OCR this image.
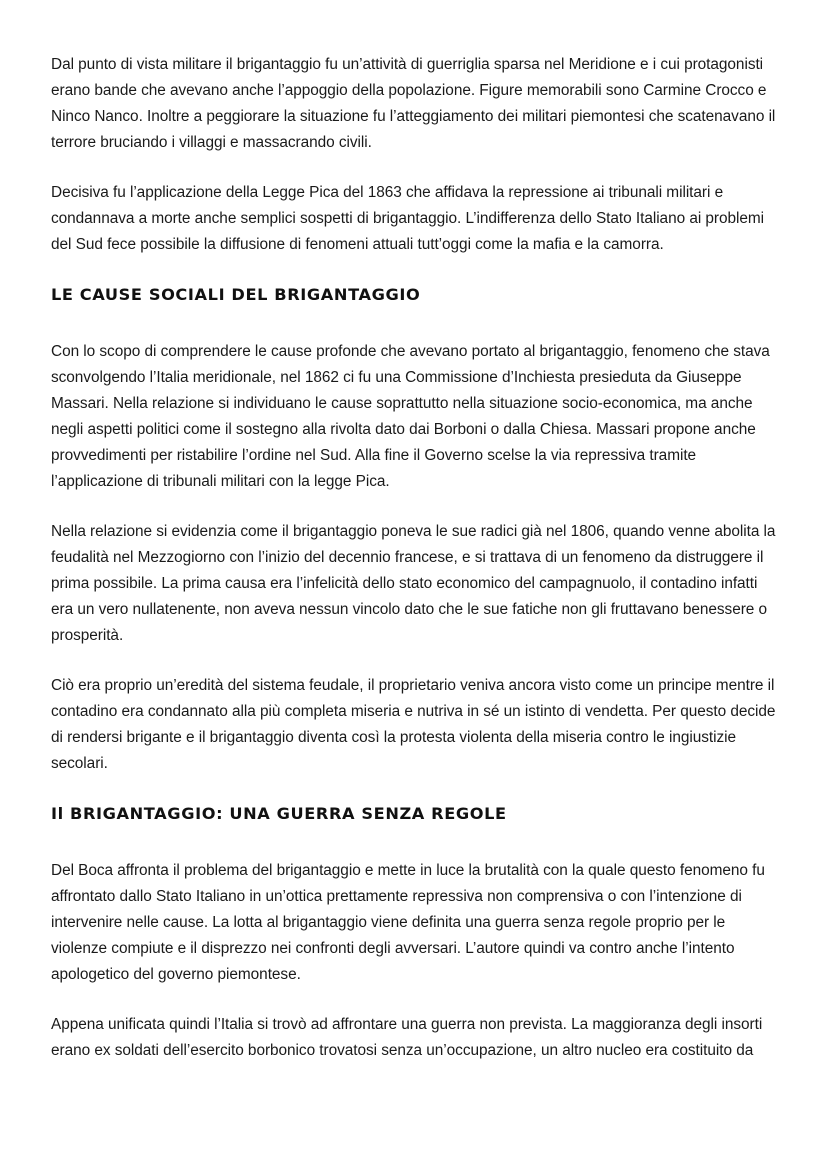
Dal punto di vista militare il brigantaggio fu un’attività di guerriglia sparsa nel Meridione e i cui protagonisti erano bande che avevano anche l’appoggio della popolazione. Figure memorabili sono Carmine Crocco e Ninco Nanco. Inoltre a peggiorare la situazione fu l’atteggiamento dei militari piemontesi che scatenavano il terrore bruciando i villaggi e massacrando civili.

Decisiva fu l’applicazione della Legge Pica del 1863 che affidava la repressione ai tribunali militari e condannava a morte anche semplici sospetti di brigantaggio. L’indifferenza dello Stato Italiano ai problemi del Sud fece possibile la diffusione di fenomeni attuali tutt’oggi come la mafia e la camorra.

LE CAUSE SOCIALI DEL BRIGANTAGGIO

Con lo scopo di comprendere le cause profonde che avevano portato al brigantaggio, fenomeno che stava sconvolgendo l’Italia meridionale, nel 1862 ci fu una Commissione d’Inchiesta presieduta da Giuseppe Massari. Nella relazione si individuano le cause soprattutto nella situazione socio-economica, ma anche negli aspetti politici come il sostegno alla rivolta dato dai Borboni o dalla Chiesa. Massari propone anche provvedimenti per ristabilire l’ordine nel Sud. Alla fine il Governo scelse la via repressiva tramite l’applicazione di tribunali militari con la legge Pica.

Nella relazione si evidenzia come il brigantaggio poneva le sue radici già nel 1806, quando venne abolita la feudalità nel Mezzogiorno con l’inizio del decennio francese, e si trattava di un fenomeno da distruggere il prima possibile. La prima causa era l’infelicità dello stato economico del campagnuolo, il contadino infatti era un vero nullatenente, non aveva nessun vincolo dato che le sue fatiche non gli fruttavano benessere o prosperità.

Ciò era proprio un’eredità del sistema feudale, il proprietario veniva ancora visto come un principe mentre il contadino era condannato alla più completa miseria e nutriva in sé un istinto di vendetta. Per questo decide di rendersi brigante e il brigantaggio diventa così la protesta violenta della miseria contro le ingiustizie secolari.

Il BRIGANTAGGIO: UNA GUERRA SENZA REGOLE

Del Boca affronta il problema del brigantaggio e mette in luce la brutalità con la quale questo fenomeno fu affrontato dallo Stato Italiano in un’ottica prettamente repressiva non comprensiva o con l’intenzione di intervenire nelle cause. La lotta al brigantaggio viene definita una guerra senza regole proprio per le violenze compiute e il disprezzo nei confronti degli avversari. L’autore quindi va contro anche l’intento apologetico del governo piemontese.

Appena unificata quindi l’Italia si trovò ad affrontare una guerra non prevista. La maggioranza degli insorti erano ex soldati dell’esercito borbonico trovatosi senza un’occupazione, un altro nucleo era costituito da
